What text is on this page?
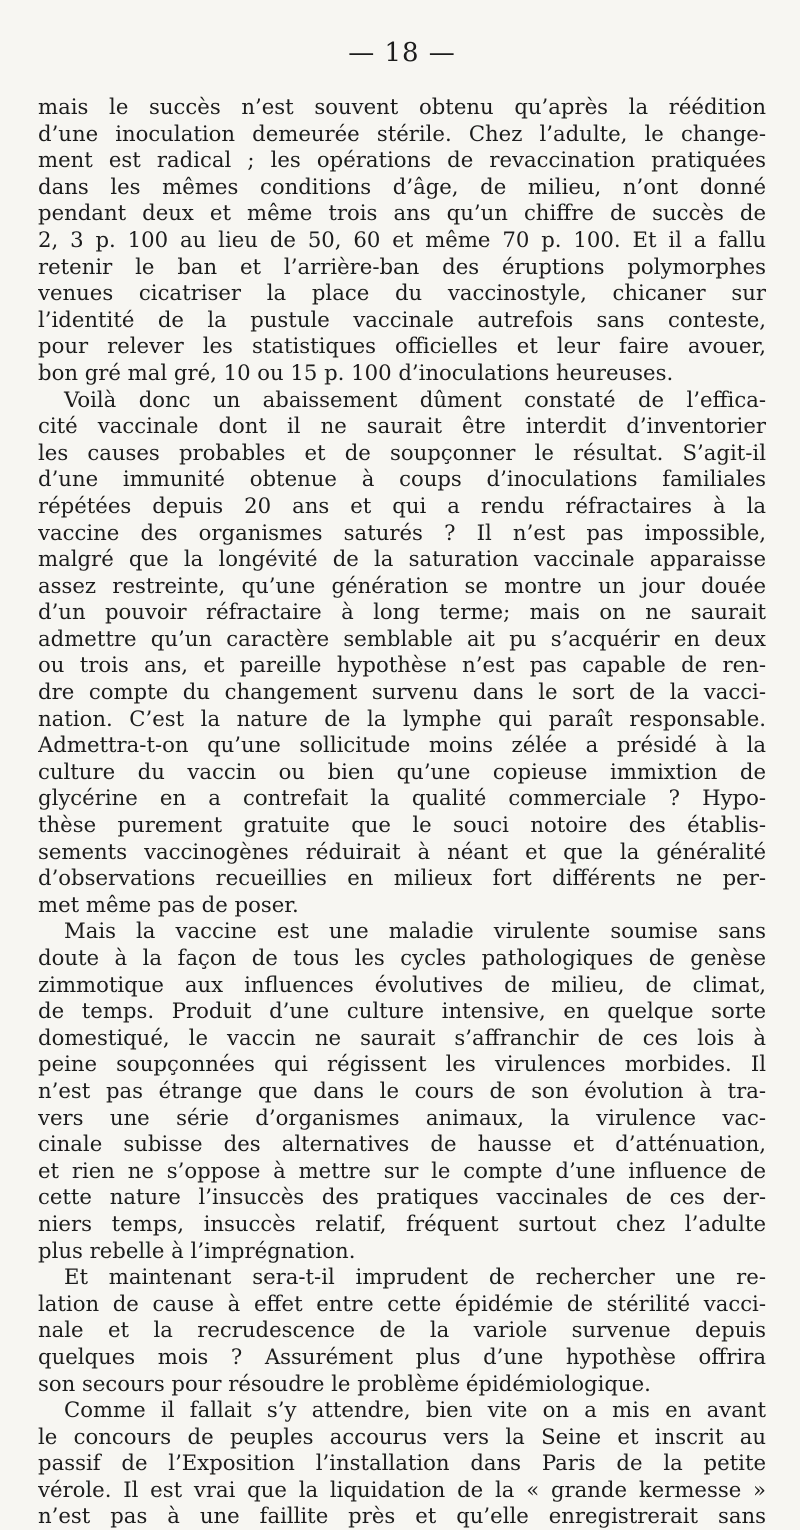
— 18 —
mais le succès n’est souvent obtenu qu’après la réédition
d’une inoculation demeurée stérile. Chez l’adulte, le change-
ment est radical ; les opérations de revaccination pratiquées
dans les mêmes conditions d’âge, de milieu, n’ont donné
pendant deux et même trois ans qu’un chiffre de succès de
2, 3 p. 100 au lieu de 50, 60 et même 70 p. 100. Et il a fallu
retenir le ban et l’arrière-ban des éruptions polymorphes
venues cicatriser la place du vaccinostyle, chicaner sur
l’identité de la pustule vaccinale autrefois sans conteste,
pour relever les statistiques officielles et leur faire avouer,
bon gré mal gré, 10 ou 15 p. 100 d’inoculations heureuses.
Voilà donc un abaissement dûment constaté de l’effica-
cité vaccinale dont il ne saurait être interdit d’inventorier
les causes probables et de soupçonner le résultat. S’agit-il
d’une immunité obtenue à coups d’inoculations familiales
répétées depuis 20 ans et qui a rendu réfractaires à la
vaccine des organismes saturés ? Il n’est pas impossible,
malgré que la longévité de la saturation vaccinale apparaisse
assez restreinte, qu’une génération se montre un jour douée
d’un pouvoir réfractaire à long terme; mais on ne saurait
admettre qu’un caractère semblable ait pu s’acquérir en deux
ou trois ans, et pareille hypothèse n’est pas capable de ren-
dre compte du changement survenu dans le sort de la vacci-
nation. C’est la nature de la lymphe qui paraît responsable.
Admettra-t-on qu’une sollicitude moins zélée a présidé à la
culture du vaccin ou bien qu’une copieuse immixtion de
glycérine en a contrefait la qualité commerciale ? Hypo-
thèse purement gratuite que le souci notoire des établis-
sements vaccinogènes réduirait à néant et que la généralité
d’observations recueillies en milieux fort différents ne per-
met même pas de poser.
Mais la vaccine est une maladie virulente soumise sans
doute à la façon de tous les cycles pathologiques de genèse
zimmotique aux influences évolutives de milieu, de climat,
de temps. Produit d’une culture intensive, en quelque sorte
domestiqué, le vaccin ne saurait s’affranchir de ces lois à
peine soupçonnées qui régissent les virulences morbides. Il
n’est pas étrange que dans le cours de son évolution à tra-
vers une série d’organismes animaux, la virulence vac-
cinale subisse des alternatives de hausse et d’atténuation,
et rien ne s’oppose à mettre sur le compte d’une influence de
cette nature l’insuccès des pratiques vaccinales de ces der-
niers temps, insuccès relatif, fréquent surtout chez l’adulte
plus rebelle à l’imprégnation.
Et maintenant sera-t-il imprudent de rechercher une re-
lation de cause à effet entre cette épidémie de stérilité vacci-
nale et la recrudescence de la variole survenue depuis
quelques mois ? Assurément plus d’une hypothèse offrira
son secours pour résoudre le problème épidémiologique.
Comme il fallait s’y attendre, bien vite on a mis en avant
le concours de peuples accourus vers la Seine et inscrit au
passif de l’Exposition l’installation dans Paris de la petite
vérole. Il est vrai que la liquidation de la « grande kermesse »
n’est pas à une faillite près et qu’elle enregistrerait sans
